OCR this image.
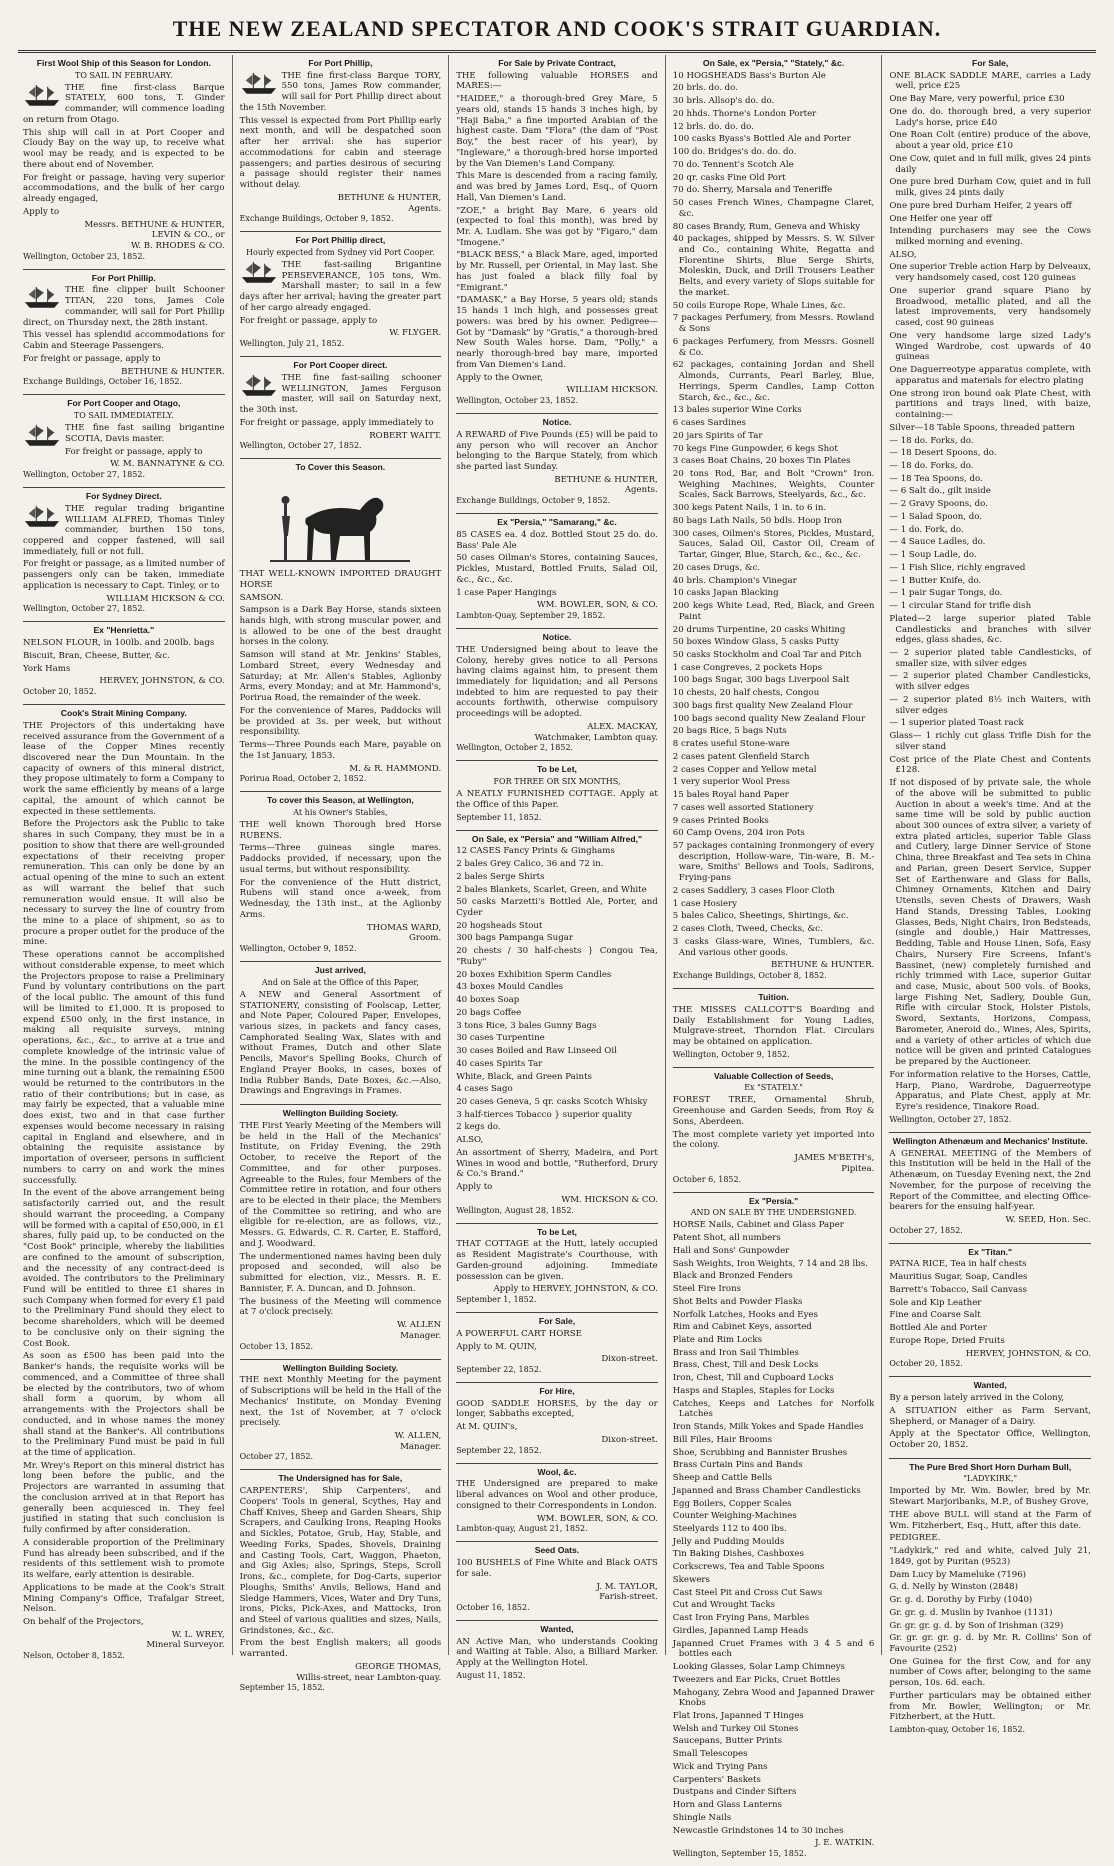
THE NEW ZEALAND SPECTATOR AND COOK'S STRAIT GUARDIAN.
First Wool Ship of this Season for London.
TO SAIL IN FEBRUARY.

THE fine first-class Barque STATELY, 600 tons, T. Ginder commander, will commence loading on return from Otago.

This ship will call in at Port Cooper and Cloudy Bay on the way up, to receive what wool may be ready, and is expected to be there about end of November.

For freight or passage, having very superior accommodations, and the bulk of her cargo already engaged,

Apply to

Messrs. BETHUNE & HUNTER,

LEVIN & CO., or

W. B. RHODES & CO.

Wellington, October 23, 1852.

For Port Phillip.

THE fine clipper built Schooner TITAN, 220 tons, James Cole commander, will sail for Port Phillip direct, on Thursday next, the 28th instant.

This vessel has splendid accommodations for Cabin and Steerage Passengers.

For freight or passage, apply to

BETHUNE & HUNTER.

Exchange Buildings, October 16, 1852.

For Port Cooper and Otago,
TO SAIL IMMEDIATELY.

THE fine fast sailing brigantine SCOTIA, Davis master.

For freight or passage, apply to

W. M. BANNATYNE & CO.

Wellington, October 27, 1852.

For Sydney Direct.

THE regular trading brigantine WILLIAM ALFRED, Thomas Tinley commander, burthen 150 tons, coppered and copper fastened, will sail immediately, full or not full.

For freight or passage, as a limited number of passengers only can be taken, immediate application is necessary to Capt. Tinley, or to

WILLIAM HICKSON & CO.

Wellington, October 27, 1852.

Ex "Henrietta."

NELSON FLOUR, in 100lb. and 200lb. bags

Biscuit, Bran, Cheese, Butter, &c.

York Hams

HERVEY, JOHNSTON, & CO.

October 20, 1852.

Cook's Strait Mining Company.

THE Projectors of this undertaking have received assurance from the Government of a lease of the Copper Mines recently discovered near the Dun Mountain. In the capacity of owners of this mineral district, they propose ultimately to form a Company to work the same efficiently by means of a large capital, the amount of which cannot be expected in these settlements.

Before the Projectors ask the Public to take shares in such Company, they must be in a position to show that there are well-grounded expectations of their receiving proper remuneration. This can only be done by an actual opening of the mine to such an extent as will warrant the belief that such remuneration would ensue. It will also be necessary to survey the line of country from the mine to a place of shipment, so as to procure a proper outlet for the produce of the mine.

These operations cannot be accomplished without considerable expense, to meet which the Projectors propose to raise a Preliminary Fund by voluntary contributions on the part of the local public. The amount of this fund will be limited to £1,000. It is proposed to expend £500 only, in the first instance, in making all requisite surveys, mining operations, &c., &c., to arrive at a true and complete knowledge of the intrinsic value of the mine. In the possible contingency of the mine turning out a blank, the remaining £500 would be returned to the contributors in the ratio of their contributions; but in case, as may fairly be expected, that a valuable mine does exist, two and in that case further expenses would become necessary in raising capital in England and elsewhere, and in obtaining the requisite assistance by importation of overseer, persons in sufficient numbers to carry on and work the mines successfully.

In the event of the above arrangement being satisfactorily carried out, and the result should warrant the proceeding, a Company will be formed with a capital of £50,000, in £1 shares, fully paid up, to be conducted on the "Cost Book" principle, whereby the liabilities are confined to the amount of subscription, and the necessity of any contract-deed is avoided. The contributors to the Preliminary Fund will be entitled to three £1 shares in such Company when formed for every £1 paid to the Preliminary Fund should they elect to become shareholders, which will be deemed to be conclusive only on their signing the Cost Book.

As soon as £500 has been paid into the Banker's hands, the requisite works will be commenced, and a Committee of three shall be elected by the contributors, two of whom shall form a quorum, by whom all arrangements with the Projectors shall be conducted, and in whose names the money shall stand at the Banker's. All contributions to the Preliminary Fund must be paid in full at the time of application.

Mr. Wrey's Report on this mineral district has long been before the public, and the Projectors are warranted in assuming that the conclusion arrived at in that Report has generally been acquiesced in. They feel justified in stating that such conclusion is fully confirmed by after consideration.

A considerable proportion of the Preliminary Fund has already been subscribed, and if the residents of this settlement wish to promote its welfare, early attention is desirable.

Applications to be made at the Cook's Strait Mining Company's Office, Trafalgar Street, Nelson.

On behalf of the Projectors,

W. L. WREY,

Mineral Surveyor.

Nelson, October 8, 1852.

For Port Phillip,

THE fine first-class Barque TORY, 550 tons, James Row commander, will sail for Port Phillip direct about the 15th November.

This vessel is expected from Port Phillip early next month, and will be despatched soon after her arrival: she has superior accommodations for cabin and steerage passengers; and parties desirous of securing a passage should register their names without delay.

BETHUNE & HUNTER,

Agents.

Exchange Buildings, October 9, 1852.

For Port Phillip direct,
Hourly expected from Sydney vid Port Cooper.

THE fast-sailing Brigantine PERSEVERANCE, 105 tons, Wm. Marshall master; to sail in a few days after her arrival; having the greater part of her cargo already engaged.

For freight or passage, apply to

W. FLYGER.

Wellington, July 21, 1852.

For Port Cooper direct.

THE fine fast-sailing schooner WELLINGTON, James Ferguson master, will sail on Saturday next, the 30th inst.

For freight or passage, apply immediately to

ROBERT WAITT.

Wellington, October 27, 1852.

To Cover this Season.

THAT WELL-KNOWN IMPORTED DRAUGHT HORSE

SAMSON.

Sampson is a Dark Bay Horse, stands sixteen hands high, with strong muscular power, and is allowed to be one of the best draught horses in the colony.

Samson will stand at Mr. Jenkins' Stables, Lombard Street, every Wednesday and Saturday; at Mr. Allen's Stables, Aglionby Arms, every Monday; and at Mr. Hammond's, Porirua Road, the remainder of the week.

For the convenience of Mares, Paddocks will be provided at 3s. per week, but without responsibility.

Terms—Three Pounds each Mare, payable on the 1st January, 1853.

M. & R. HAMMOND.

Porirua Road, October 2, 1852.

To cover this Season, at Wellington,
At his Owner's Stables,

THE well known Thorough bred Horse RUBENS.

Terms—Three guineas single mares. Paddocks provided, if necessary, upon the usual terms, but without responsibility.

For the convenience of the Hutt district, Rubens will stand once a-week, from Wednesday, the 13th inst., at the Aglionby Arms.

THOMAS WARD,

Groom.

Wellington, October 9, 1852.

Just arrived,
And on Sale at the Office of this Paper,

A NEW and General Assortment of STATIONERY, consisting of Foolscap, Letter, and Note Paper, Coloured Paper, Envelopes, various sizes, in packets and fancy cases, Camphorated Sealing Wax, Slates with and without Frames, Dutch and other Slate Pencils, Mavor's Spelling Books, Church of England Prayer Books, in cases, boxes of India Rubber Bands, Date Boxes, &c.—Also, Drawings and Engravings in Frames.

Wellington Building Society.

THE First Yearly Meeting of the Members will be held in the Hall of the Mechanics' Institute, on Friday Evening, the 29th October, to receive the Report of the Committee, and for other purposes. Agreeable to the Rules, four Members of the Committee retire in rotation, and four others are to be elected in their place; the Members of the Committee so retiring, and who are eligible for re-election, are as follows, viz., Messrs. G. Edwards, C. R. Carter, E. Stafford, and J. Woodward.

The undermentioned names having been duly proposed and seconded, will also be submitted for election, viz., Messrs. R. E. Bannister, F. A. Duncan, and D. Johnson.

The business of the Meeting will commence at 7 o'clock precisely.

W. ALLEN

Manager.

October 13, 1852.

Wellington Building Society.

THE next Monthly Meeting for the payment of Subscriptions will be held in the Hall of the Mechanics' Institute, on Monday Evening next, the 1st of November, at 7 o'clock precisely.

W. ALLEN,

Manager.

October 27, 1852.

The Undersigned has for Sale,

CARPENTERS', Ship Carpenters', and Coopers' Tools in general, Scythes, Hay and Chaff Knives, Sheep and Garden Shears, Ship Scrapers, and Caulking Irons, Reaping Hooks and Sickles, Potatoe, Grub, Hay, Stable, and Weeding Forks, Spades, Shovels, Draining and Casting Tools, Cart, Waggon, Phaeton, and Gig Axles; also, Springs, Steps, Scroll Irons, &c., complete, for Dog-Carts, superior Ploughs, Smiths' Anvils, Bellows, Hand and Sledge Hammers, Vices, Water and Dry Tuns, irons, Picks, Pick-Axes, and Mattocks, Iron and Steel of various qualities and sizes, Nails, Grindstones, &c., &c.

From the best English makers; all goods warranted.

GEORGE THOMAS,

Willis-street, near Lambton-quay.

September 15, 1852.

For Sale by Private Contract,

THE following valuable HORSES and MARES:—

"HAIDEE," a thorough-bred Grey Mare, 5 years old, stands 15 hands 3 inches high, by "Haji Baba," a fine imported Arabian of the highest caste. Dam "Flora" (the dam of "Post Boy," the best racer of his year), by "Ingleware," a thorough-bred horse imported by the Van Diemen's Land Company.

This Mare is descended from a racing family, and was bred by James Lord, Esq., of Quorn Hall, Van Diemen's Land.

"ZOE," a bright Bay Mare, 6 years old (expected to foal this month), was bred by Mr. A. Ludlam. She was got by "Figaro," dam "Imogene."

"BLACK BESS," a Black Mare, aged, imported by Mr. Russell, per Oriental, in May last. She has just foaled a black filly foal by "Emigrant."

"DAMASK," a Bay Horse, 5 years old; stands 15 hands 1 inch high, and possesses great powers: was bred by his owner. Pedigree—Got by "Damask" by "Gratis," a thorough-bred New South Wales horse. Dam, "Polly," a nearly thorough-bred bay mare, imported from Van Diemen's Land.

Apply to the Owner,

WILLIAM HICKSON.

Wellington, October 23, 1852.

Notice.

A REWARD of Five Pounds (£5) will be paid to any person who will recover an Anchor belonging to the Barque Stately, from which she parted last Sunday.

BETHUNE & HUNTER,

Agents.

Exchange Buildings, October 9, 1852.

Ex "Persia," "Samarang," &c.

85 CASES ea. 4 doz. Bottled Stout 25 do. do. Bass' Pale Ale

50 cases Oilman's Stores, containing Sauces, Pickles, Mustard, Bottled Fruits, Salad Oil, &c., &c., &c.

1 case Paper Hangings

WM. BOWLER, SON, & CO.

Lambton-Quay, September 29, 1852.

Notice.

THE Undersigned being about to leave the Colony, hereby gives notice to all Persons having claims against him, to present them immediately for liquidation; and all Persons indebted to him are requested to pay their accounts forthwith, otherwise compulsory proceedings will be adopted.

ALEX. MACKAY,

Watchmaker, Lambton quay.

Wellington, October 2, 1852.

To be Let,
FOR THREE OR SIX MONTHS,

A NEATLY FURNISHED COTTAGE. Apply at the Office of this Paper.

September 11, 1852.

On Sale, ex "Persia" and "William Alfred,"

12 CASES Fancy Prints & Ginghams

2 bales Grey Calico, 36 and 72 in.

2 bales Serge Shirts

2 bales Blankets, Scarlet, Green, and White

50 casks Marzetti's Bottled Ale, Porter, and Cyder

20 hogsheads Stout

300 bags Pampanga Sugar

20 chests / 30 half-chests } Congou Tea, "Ruby"

20 boxes Exhibition Sperm Candles

43 boxes Mould Candles

40 boxes Soap

20 bags Coffee

3 tons Rice, 3 bales Gunny Bags

30 cases Turpentine

30 cases Boiled and Raw Linseed Oil

40 cases Spirits Tar

White, Black, and Green Paints

4 cases Sago

20 cases Geneva, 5 qr. casks Scotch Whisky

3 half-tierces Tobacco } superior quality

2 kegs do.

ALSO,

An assortment of Sherry, Madeira, and Port Wines in wood and bottle, "Rutherford, Drury & Co.'s Brand."

Apply to

WM. HICKSON & CO.

Wellington, August 28, 1852.

To be Let,

THAT COTTAGE at the Hutt, lately occupied as Resident Magistrate's Courthouse, with Garden-ground adjoining. Immediate possession can be given.

Apply to HERVEY, JOHNSTON, & CO.

September 1, 1852.

For Sale,

A POWERFUL CART HORSE

Apply to M. QUIN,

Dixon-street.

September 22, 1852.

For Hire,

GOOD SADDLE HORSES, by the day or longer, Sabbaths excepted,

At M. QUIN's,

Dixon-street.

September 22, 1852.

Wool, &c.

THE Undersigned are prepared to make liberal advances on Wool and other produce, consigned to their Correspondents in London.

WM. BOWLER, SON, & CO.

Lambton-quay, August 21, 1852.

Seed Oats.

100 BUSHELS of Fine White and Black OATS for sale.

J. M. TAYLOR,

Farish-street.

October 16, 1852.

Wanted,

AN Active Man, who understands Cooking and Waiting at Table. Also, a Billiard Marker. Apply at the Wellington Hotel.

August 11, 1852.

On Sale, ex "Persia," "Stately," &c.

10 HOGSHEADS Bass's Burton Ale

20 brls. do. do.

30 brls. Allsop's do. do.

20 hhds. Thorne's London Porter

12 brls. do. do. do.

100 casks Byass's Bottled Ale and Porter

100 do. Bridges's do. do. do.

70 do. Tennent's Scotch Ale

20 qr. casks Fine Old Port

70 do. Sherry, Marsala and Teneriffe

50 cases French Wines, Champagne Claret, &c.

80 cases Brandy, Rum, Geneva and Whisky

40 packages, shipped by Messrs. S. W. Silver and Co., containing White, Regatta and Florentine Shirts, Blue Serge Shirts, Moleskin, Duck, and Drill Trousers Leather Belts, and every variety of Slops suitable for the market.

50 coils Europe Rope, Whale Lines, &c.

7 packages Perfumery, from Messrs. Rowland & Sons

6 packages Perfumery, from Messrs. Gosnell & Co.

62 packages, containing Jordan and Shell Almonds, Currants, Pearl Barley, Blue, Herrings, Sperm Candles, Lamp Cotton Starch, &c., &c., &c.

13 bales superior Wine Corks

6 cases Sardines

20 jars Spirits of Tar

70 kegs Fine Gunpowder, 6 kegs Shot

3 cases Boat Chains, 20 boxes Tin Plates

20 tons Rod, Bar, and Bolt "Crown" Iron. Weighing Machines, Weights, Counter Scales, Sack Barrows, Steelyards, &c., &c.

300 kegs Patent Nails, 1 in. to 6 in.

80 bags Lath Nails, 50 bdls. Hoop Iron

300 cases, Oilmen's Stores, Pickles, Mustard, Sauces, Salad Oil, Castor Oil, Cream of Tartar, Ginger, Blue, Starch, &c., &c., &c.

20 cases Drugs, &c.

40 brls. Champion's Vinegar

10 casks Japan Blacking

200 kegs White Lead, Red, Black, and Green Paint

20 drums Turpentine, 20 casks Whiting

50 boxes Window Glass, 5 casks Putty

50 casks Stockholm and Coal Tar and Pitch

1 case Congreves, 2 pockets Hops

100 bags Sugar, 300 bags Liverpool Salt

10 chests, 20 half chests, Congou

300 bags first quality New Zealand Flour

100 bags second quality New Zealand Flour

20 bags Rice, 5 bags Nuts

8 crates useful Stone-ware

2 cases patent Glenfield Starch

2 cases Copper and Yellow metal

1 very superior Wool Press

15 bales Royal hand Paper

7 cases well assorted Stationery

9 cases Printed Books

60 Camp Ovens, 204 iron Pots

57 packages containing Ironmongery of every description, Hollow-ware, Tin-ware, B. M.-ware, Smiths' Bellows and Tools, Sadirons, Frying-pans

2 cases Saddlery, 3 cases Floor Cloth

1 case Hosiery

5 bales Calico, Sheetings, Shirtings, &c.

2 cases Cloth, Tweed, Checks, &c.

3 casks Glass-ware, Wines, Tumblers, &c. And various other goods.

BETHUNE & HUNTER.

Exchange Buildings, October 8, 1852.

Tuition.

THE MISSES CALLCOTT'S Boarding and Daily Establishment for Young Ladies, Mulgrave-street, Thorndon Flat. Circulars may be obtained on application.

Wellington, October 9, 1852.

Valuable Collection of Seeds,
Ex "STATELY."

FOREST TREE, Ornamental Shrub, Greenhouse and Garden Seeds, from Roy & Sons, Aberdeen.

The most complete variety yet imported into the colony.

JAMES M'BETH's,

Pipitea.

October 6, 1852.

Ex "Persia."
AND ON SALE BY THE UNDERSIGNED.

HORSE Nails, Cabinet and Glass Paper

Patent Shot, all numbers

Hall and Sons' Gunpowder

Sash Weights, Iron Weights, 7 14 and 28 lbs.

Black and Bronzed Fenders

Steel Fire Irons

Shot Belts and Powder Flasks

Norfolk Latches, Hooks and Eyes

Rim and Cabinet Keys, assorted

Plate and Rim Locks

Brass and Iron Sail Thimbles

Brass, Chest, Till and Desk Locks

Iron, Chest, Till and Cupboard Locks

Hasps and Staples, Staples for Locks

Catches, Keeps and Latches for Norfolk Latches

Iron Stands, Milk Yokes and Spade Handles

Bill Files, Hair Brooms

Shoe, Scrubbing and Bannister Brushes

Brass Curtain Pins and Bands

Sheep and Cattle Bells

Japanned and Brass Chamber Candlesticks

Egg Boilers, Copper Scales

Counter Weighing-Machines

Steelyards 112 to 400 lbs.

Jelly and Pudding Moulds

Tin Baking Dishes, Cashboxes

Corkscrews, Tea and Table Spoons

Skewers

Cast Steel Pit and Cross Cut Saws

Cut and Wrought Tacks

Cast Iron Frying Pans, Marbles

Girdles, Japanned Lamp Heads

Japanned Cruet Frames with 3 4 5 and 6 bottles each

Looking Glasses, Solar Lamp Chimneys

Tweezers and Ear Picks, Cruet Bottles

Mahogany, Zebra Wood and Japanned Drawer Knobs

Flat Irons, Japanned T Hinges

Welsh and Turkey Oil Stones

Saucepans, Butter Prints

Small Telescopes

Wick and Trying Pans

Carpenters' Baskets

Dustpans and Cinder Sifters

Horn and Glass Lanterns

Shingle Nails

Newcastle Grindstones 14 to 30 inches

J. E. WATKIN.

Wellington, September 15, 1852.

For Sale,

ONE BLACK SADDLE MARE, carries a Lady well, price £25

One Bay Mare, very powerful, price £30

One do. do. thorough bred, a very superior Lady's horse, price £40

One Roan Colt (entire) produce of the above, about a year old, price £10

One Cow, quiet and in full milk, gives 24 pints daily

One pure bred Durham Cow, quiet and in full milk, gives 24 pints daily

One pure bred Durham Heifer, 2 years off

One Heifer one year off

Intending purchasers may see the Cows milked morning and evening.

ALSO,

One superior Treble action Harp by Delveaux, very handsomely cased, cost 120 guineas

One superior grand square Piano by Broadwood, metallic plated, and all the latest improvements, very handsomely cased, cost 90 guineas

One very handsome large sized Lady's Winged Wardrobe, cost upwards of 40 guineas

One Daguerreotype apparatus complete, with apparatus and materials for electro plating

One strong iron bound oak Plate Chest, with partitions and trays lined, with baize, containing:—

Silver—18 Table Spoons, threaded pattern

— 18 do. Forks, do.

— 18 Desert Spoons, do.

— 18 do. Forks, do.

— 18 Tea Spoons, do.

— 6 Salt do., gilt inside

— 2 Gravy Spoons, do.

— 1 Salad Spoon, do.

— 1 do. Fork, do.

— 4 Sauce Ladles, do.

— 1 Soup Ladle, do.

— 1 Fish Slice, richly engraved

— 1 Butter Knife, do.

— 1 pair Sugar Tongs, do.

— 1 circular Stand for trifle dish

Plated—2 large superior plated Table Candlesticks and branches with silver edges, glass shades, &c.

— 2 superior plated table Candlesticks, of smaller size, with silver edges

— 2 superior plated Chamber Candlesticks, with silver edges

— 2 superior plated 8½ inch Waiters, with silver edges

— 1 superior plated Toast rack

Glass— 1 richly cut glass Trifle Dish for the silver stand

Cost price of the Plate Chest and Contents £128.

If not disposed of by private sale, the whole of the above will be submitted to public Auction in about a week's time. And at the same time will be sold by public auction about 300 ounces of extra silver, a variety of extra plated articles, superior Table Glass and Cutlery, large Dinner Service of Stone China, three Breakfast and Tea sets in China and Parian, green Desert Service, Supper Set of Earthenware and Glass for Balls, Chimney Ornaments, Kitchen and Dairy Utensils, seven Chests of Drawers, Wash Hand Stands, Dressing Tables, Looking Glasses, Beds, Night Chairs, Iron Bedsteads, (single and double,) Hair Mattresses, Bedding, Table and House Linen, Sofa, Easy Chairs, Nursery Fire Screens, Infant's Bassinet, (new) completely furnished and richly trimmed with Lace, superior Guitar and case, Music, about 500 vols. of Books, large Fishing Net, Sadlery, Double Gun, Rifle with circular Stock, Holster Pistols, Sword, Sextants, Horizons, Compass, Barometer, Aneroid do., Wines, Ales, Spirits, and a variety of other articles of which due notice will be given and printed Catalogues be prepared by the Auctioneer.

For information relative to the Horses, Cattle, Harp, Piano, Wardrobe, Daguerreotype Apparatus, and Plate Chest, apply at Mr. Eyre's residence, Tinakore Road.

Wellington, October 27, 1852.

Wellington Athenæum and Mechanics' Institute.

A GENERAL MEETING of the Members of this Institution will be held in the Hall of the Athenæum, on Tuesday Evening next, the 2nd November, for the purpose of receiving the Report of the Committee, and electing Office-bearers for the ensuing half-year.

W. SEED, Hon. Sec.

October 27, 1852.

Ex "Titan."

PATNA RICE, Tea in half chests

Mauritius Sugar, Soap, Candles

Barrett's Tobacco, Sail Canvass

Sole and Kip Leather

Fine and Coarse Salt

Bottled Ale and Porter

Europe Rope, Dried Fruits

HERVEY, JOHNSTON, & CO.

October 20, 1852.

Wanted,

By a person lately arrived in the Colony,

A SITUATION either as Farm Servant, Shepherd, or Manager of a Dairy.

Apply at the Spectator Office, Wellington, October 20, 1852.

The Pure Bred Short Horn Durham Bull,
"LADYKIRK,"

Imported by Mr. Wm. Bowler, bred by Mr. Stewart Marjoribanks, M.P., of Bushey Grove,

THE above BULL will stand at the Farm of Wm. Fitzherbert, Esq., Hutt, after this date.

PEDIGREE.

"Ladykirk," red and white, calved July 21, 1849, got by Puritan (9523)

Dam Lucy by Mameluke (7196)

G. d. Nelly by Winston (2848)

Gr. g. d. Dorothy by Firby (1040)

Gr. gr. g. d. Muslin by Ivanhoe (1131)

Gr. gr. gr. g. d. by Son of Irishman (329)

Gr. gr. gr. gr. g. d. by Mr. R. Collins' Son of Favourite (252)

One Guinea for the first Cow, and for any number of Cows after, belonging to the same person, 10s. 6d. each.

Further particulars may be obtained either from Mr. Bowler, Wellington; or Mr. Fitzherbert, at the Hutt.

Lambton-quay, October 16, 1852.
